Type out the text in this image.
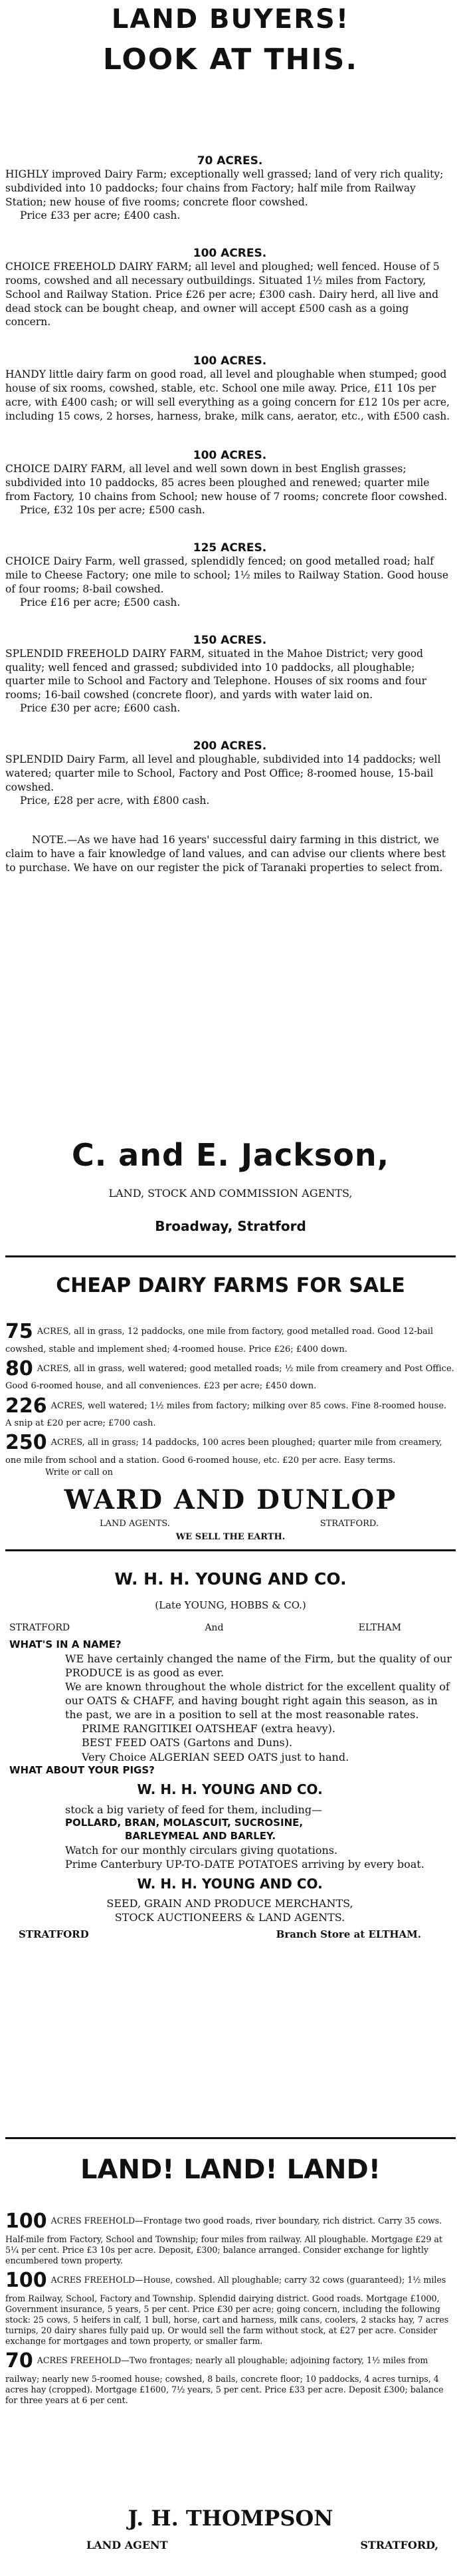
LAND BUYERS!
LOOK AT THIS.
70 ACRES.
HIGHLY improved Dairy Farm; exceptionally well grassed; land of very rich quality; subdivided into 10 paddocks; four chains from Factory; half mile from Railway Station; new house of five rooms; concrete floor cowshed.
Price £33 per acre; £400 cash.
100 ACRES.
CHOICE FREEHOLD DAIRY FARM; all level and ploughed; well fenced. House of 5 rooms, cowshed and all necessary outbuildings. Situated 1½ miles from Factory, School and Railway Station. Price £26 per acre; £300 cash. Dairy herd, all live and dead stock can be bought cheap, and owner will accept £500 cash as a going concern.
100 ACRES.
HANDY little dairy farm on good road, all level and ploughable when stumped; good house of six rooms, cowshed, stable, etc. School one mile away. Price, £11 10s per acre, with £400 cash; or will sell everything as a going concern for £12 10s per acre, including 15 cows, 2 horses, harness, brake, milk cans, aerator, etc., with £500 cash.
100 ACRES.
CHOICE DAIRY FARM, all level and well sown down in best English grasses; subdivided into 10 paddocks, 85 acres been ploughed and renewed; quarter mile from Factory, 10 chains from School; new house of 7 rooms; concrete floor cowshed.
Price, £32 10s per acre; £500 cash.
125 ACRES.
CHOICE Dairy Farm, well grassed, splendidly fenced; on good metalled road; half mile to Cheese Factory; one mile to school; 1½ miles to Railway Station. Good house of four rooms; 8-bail cowshed.
Price £16 per acre; £500 cash.
150 ACRES.
SPLENDID FREEHOLD DAIRY FARM, situated in the Mahoe District; very good quality; well fenced and grassed; subdivided into 10 paddocks, all ploughable; quarter mile to School and Factory and Telephone. Houses of six rooms and four rooms; 16-bail cowshed (concrete floor), and yards with water laid on.
Price £30 per acre; £600 cash.
200 ACRES.
SPLENDID Dairy Farm, all level and ploughable, subdivided into 14 paddocks; well watered; quarter mile to School, Factory and Post Office; 8-roomed house, 15-bail cowshed.
Price, £28 per acre, with £800 cash.
NOTE.—As we have had 16 years' successful dairy farming in this district, we claim to have a fair knowledge of land values, and can advise our clients where best to purchase. We have on our register the pick of Taranaki properties to select from.
C. and E. Jackson,
LAND, STOCK AND COMMISSION AGENTS,
Broadway, Stratford
CHEAP DAIRY FARMS FOR SALE
75 ACRES, all in grass, 12 paddocks, one mile from factory, good metalled road. Good 12-bail cowshed, stable and implement shed; 4-roomed house. Price £26; £400 down.
80 ACRES, all in grass, well watered; good metalled roads; ½ mile from creamery and Post Office. Good 6-roomed house, and all conveniences. £23 per acre; £450 down.
226 ACRES, well watered; 1½ miles from factory; milking over 85 cows. Fine 8-roomed house. A snip at £20 per acre; £700 cash.
250 ACRES, all in grass; 14 paddocks, 100 acres been ploughed; quarter mile from creamery, one mile from school and a station. Good 6-roomed house, etc. £20 per acre. Easy terms.
Write or call on
WARD AND DUNLOP
LAND AGENTS.	STRATFORD.
WE SELL THE EARTH.
W. H. H. YOUNG AND CO.
(Late YOUNG, HOBBS & CO.)
STRATFORD	And	ELTHAM
WHAT'S IN A NAME?
WE have certainly changed the name of the Firm, but the quality of our PRODUCE is as good as ever.
We are known throughout the whole district for the excellent quality of our OATS & CHAFF, and having bought right again this season, as in the past, we are in a position to sell at the most reasonable rates.
PRIME RANGITIKEI OATSHEAF (extra heavy).
BEST FEED OATS (Gartons and Duns).
Very Choice ALGERIAN SEED OATS just to hand.
WHAT ABOUT YOUR PIGS?
W. H. H. YOUNG AND CO.
stock a big variety of feed for them, including—
POLLARD, BRAN, MOLASCUIT, SUCROSINE,
BARLEYMEAL AND BARLEY.
Watch for our monthly circulars giving quotations.
Prime Canterbury UP-TO-DATE POTATOES arriving by every boat.
W. H. H. YOUNG AND CO.
SEED, GRAIN AND PRODUCE MERCHANTS,
STOCK AUCTIONEERS & LAND AGENTS.
STRATFORD	Branch Store at ELTHAM.
LAND! LAND! LAND!
100 ACRES FREEHOLD—Frontage two good roads, river boundary, rich district. Carry 35 cows. Half-mile from Factory, School and Township; four miles from railway. All ploughable. Mortgage £29 at 5¼ per cent. Price £3 10s per acre. Deposit, £300; balance arranged. Consider exchange for lightly encumbered town property.
100 ACRES FREEHOLD—House, cowshed. All ploughable; carry 32 cows (guaranteed); 1½ miles from Railway, School, Factory and Township. Splendid dairying district. Good roads. Mortgage £1000, Government insurance, 5 years, 5 per cent. Price £30 per acre; going concern, including the following stock: 25 cows, 5 heifers in calf, 1 bull, horse, cart and harness, milk cans, coolers, 2 stacks hay, 7 acres turnips, 20 dairy shares fully paid up. Or would sell the farm without stock, at £27 per acre. Consider exchange for mortgages and town property, or smaller farm.
70 ACRES FREEHOLD—Two frontages; nearly all ploughable; adjoining factory, 1½ miles from railway; nearly new 5-roomed house; cowshed, 8 bails, concrete floor; 10 paddocks, 4 acres turnips, 4 acres hay (cropped). Mortgage £1600, 7½ years, 5 per cent. Price £33 per acre. Deposit £300; balance for three years at 6 per cent.
J. H. THOMPSON
LAND AGENT	STRATFORD,
